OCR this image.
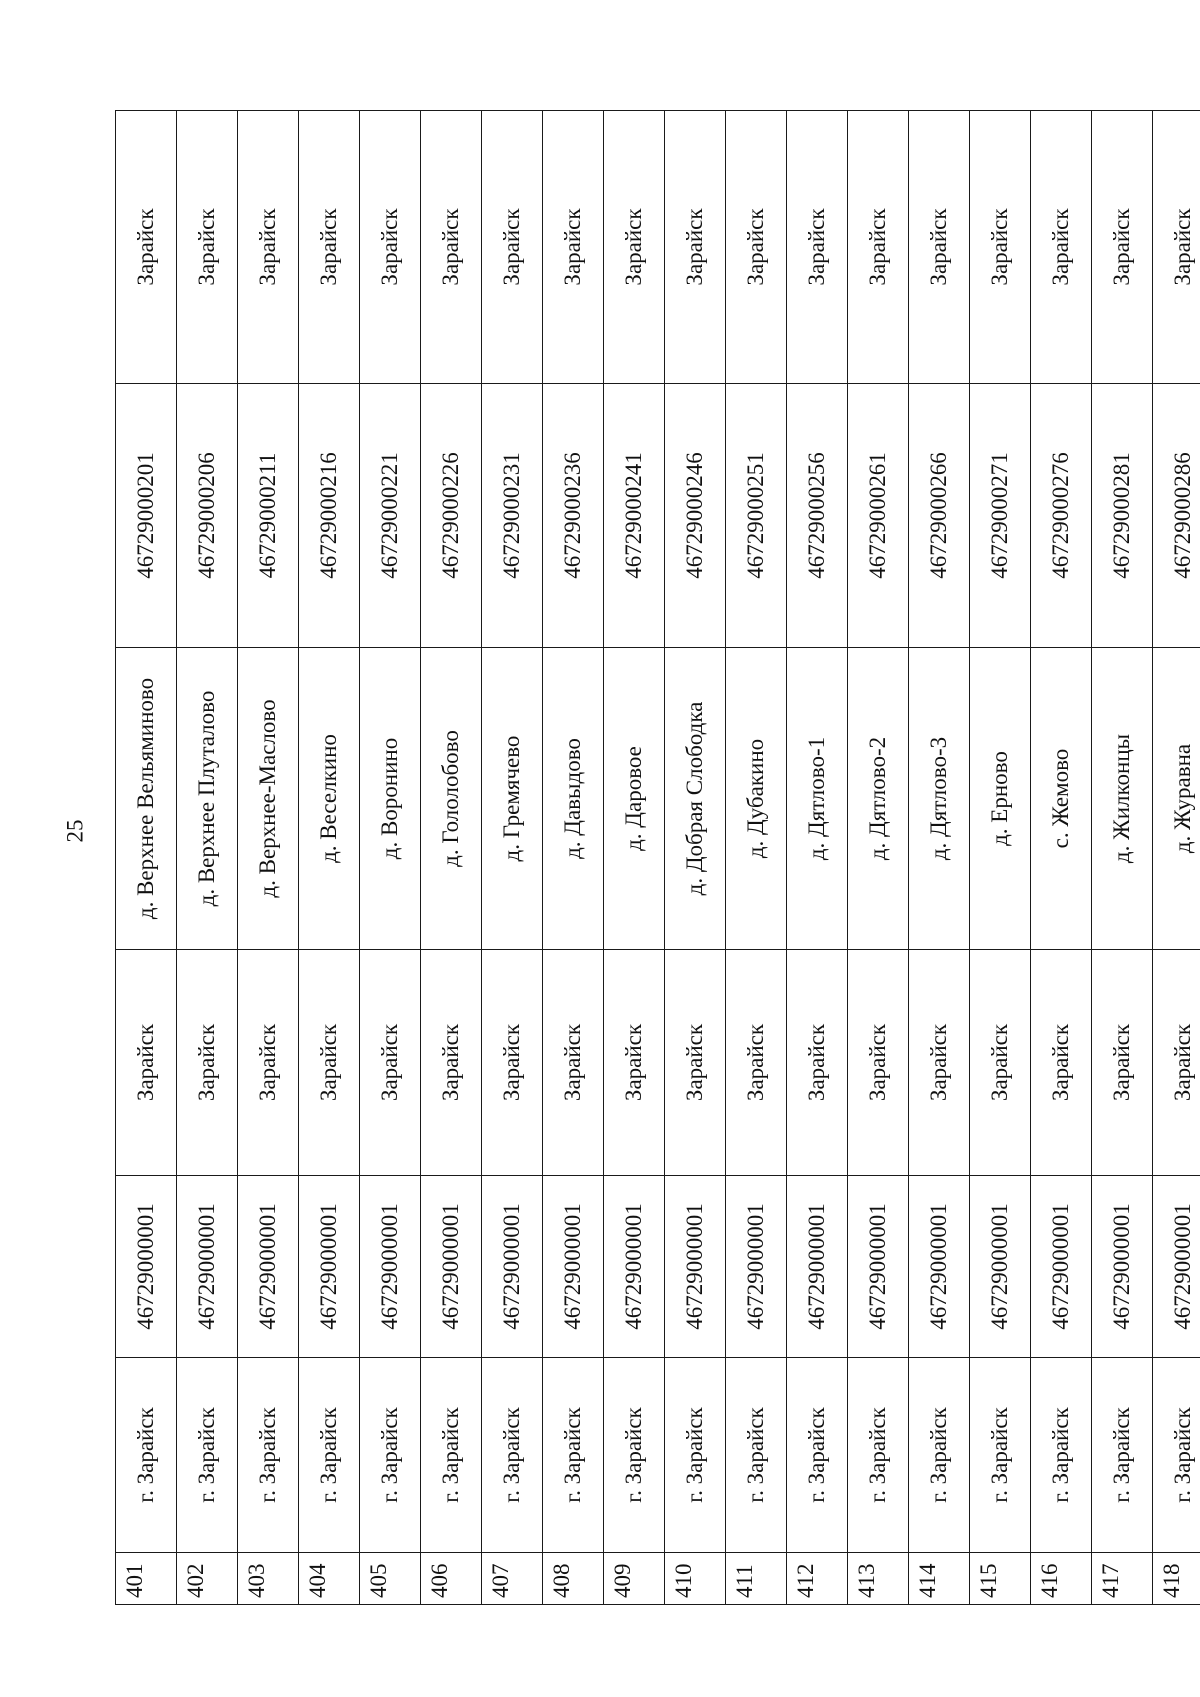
25
401	г. Зарайск	46729000001	Зарайск	д. Верхнее Вельяминово	46729000201	Зарайск
402	г. Зарайск	46729000001	Зарайск	д. Верхнее Плуталово	46729000206	Зарайск
403	г. Зарайск	46729000001	Зарайск	д. Верхнее-Маслово	46729000211	Зарайск
404	г. Зарайск	46729000001	Зарайск	д. Веселкино	46729000216	Зарайск
405	г. Зарайск	46729000001	Зарайск	д. Воронино	46729000221	Зарайск
406	г. Зарайск	46729000001	Зарайск	д. Гололобово	46729000226	Зарайск
407	г. Зарайск	46729000001	Зарайск	д. Гремячево	46729000231	Зарайск
408	г. Зарайск	46729000001	Зарайск	д. Давыдово	46729000236	Зарайск
409	г. Зарайск	46729000001	Зарайск	д. Даровое	46729000241	Зарайск
410	г. Зарайск	46729000001	Зарайск	д. Добрая Слободка	46729000246	Зарайск
411	г. Зарайск	46729000001	Зарайск	д. Дубакино	46729000251	Зарайск
412	г. Зарайск	46729000001	Зарайск	д. Дятлово-1	46729000256	Зарайск
413	г. Зарайск	46729000001	Зарайск	д. Дятлово-2	46729000261	Зарайск
414	г. Зарайск	46729000001	Зарайск	д. Дятлово-3	46729000266	Зарайск
415	г. Зарайск	46729000001	Зарайск	д. Ерново	46729000271	Зарайск
416	г. Зарайск	46729000001	Зарайск	с. Жемово	46729000276	Зарайск
417	г. Зарайск	46729000001	Зарайск	д. Жилконцы	46729000281	Зарайск
418	г. Зарайск	46729000001	Зарайск	д. Журавна	46729000286	Зарайск
